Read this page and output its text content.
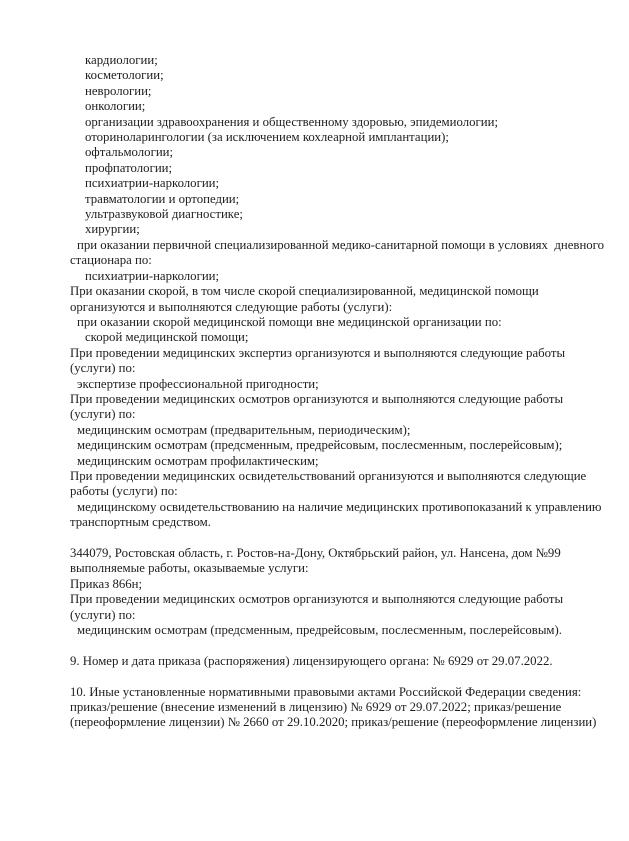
кардиологии;
косметологии;
неврологии;
онкологии;
организации здравоохранения и общественному здоровью, эпидемиологии;
оториноларингологии (за исключением кохлеарной имплантации);
офтальмологии;
профпатологии;
психиатрии-наркологии;
травматологии и ортопедии;
ультразвуковой диагностике;
хирургии;
при оказании первичной специализированной медико-санитарной помощи в условиях  дневного
стационара по:
психиатрии-наркологии;
При оказании скорой, в том числе скорой специализированной, медицинской помощи
организуются и выполняются следующие работы (услуги):
при оказании скорой медицинской помощи вне медицинской организации по:
скорой медицинской помощи;
При проведении медицинских экспертиз организуются и выполняются следующие работы
(услуги) по:
экспертизе профессиональной пригодности;
При проведении медицинских осмотров организуются и выполняются следующие работы
(услуги) по:
медицинским осмотрам (предварительным, периодическим);
медицинским осмотрам (предсменным, предрейсовым, послесменным, послерейсовым);
медицинским осмотрам профилактическим;
При проведении медицинских освидетельствований организуются и выполняются следующие
работы (услуги) по:
медицинскому освидетельствованию на наличие медицинских противопоказаний к управлению
транспортным средством.

344079, Ростовская область, г. Ростов-на-Дону, Октябрьский район, ул. Нансена, дом №99
выполняемые работы, оказываемые услуги:
Приказ 866н;
При проведении медицинских осмотров организуются и выполняются следующие работы
(услуги) по:
медицинским осмотрам (предсменным, предрейсовым, послесменным, послерейсовым).

9. Номер и дата приказа (распоряжения) лицензирующего органа: № 6929 от 29.07.2022.

10. Иные установленные нормативными правовыми актами Российской Федерации сведения:
приказ/решение (внесение изменений в лицензию) № 6929 от 29.07.2022; приказ/решение
(переоформление лицензии) № 2660 от 29.10.2020; приказ/решение (переоформление лицензии)
